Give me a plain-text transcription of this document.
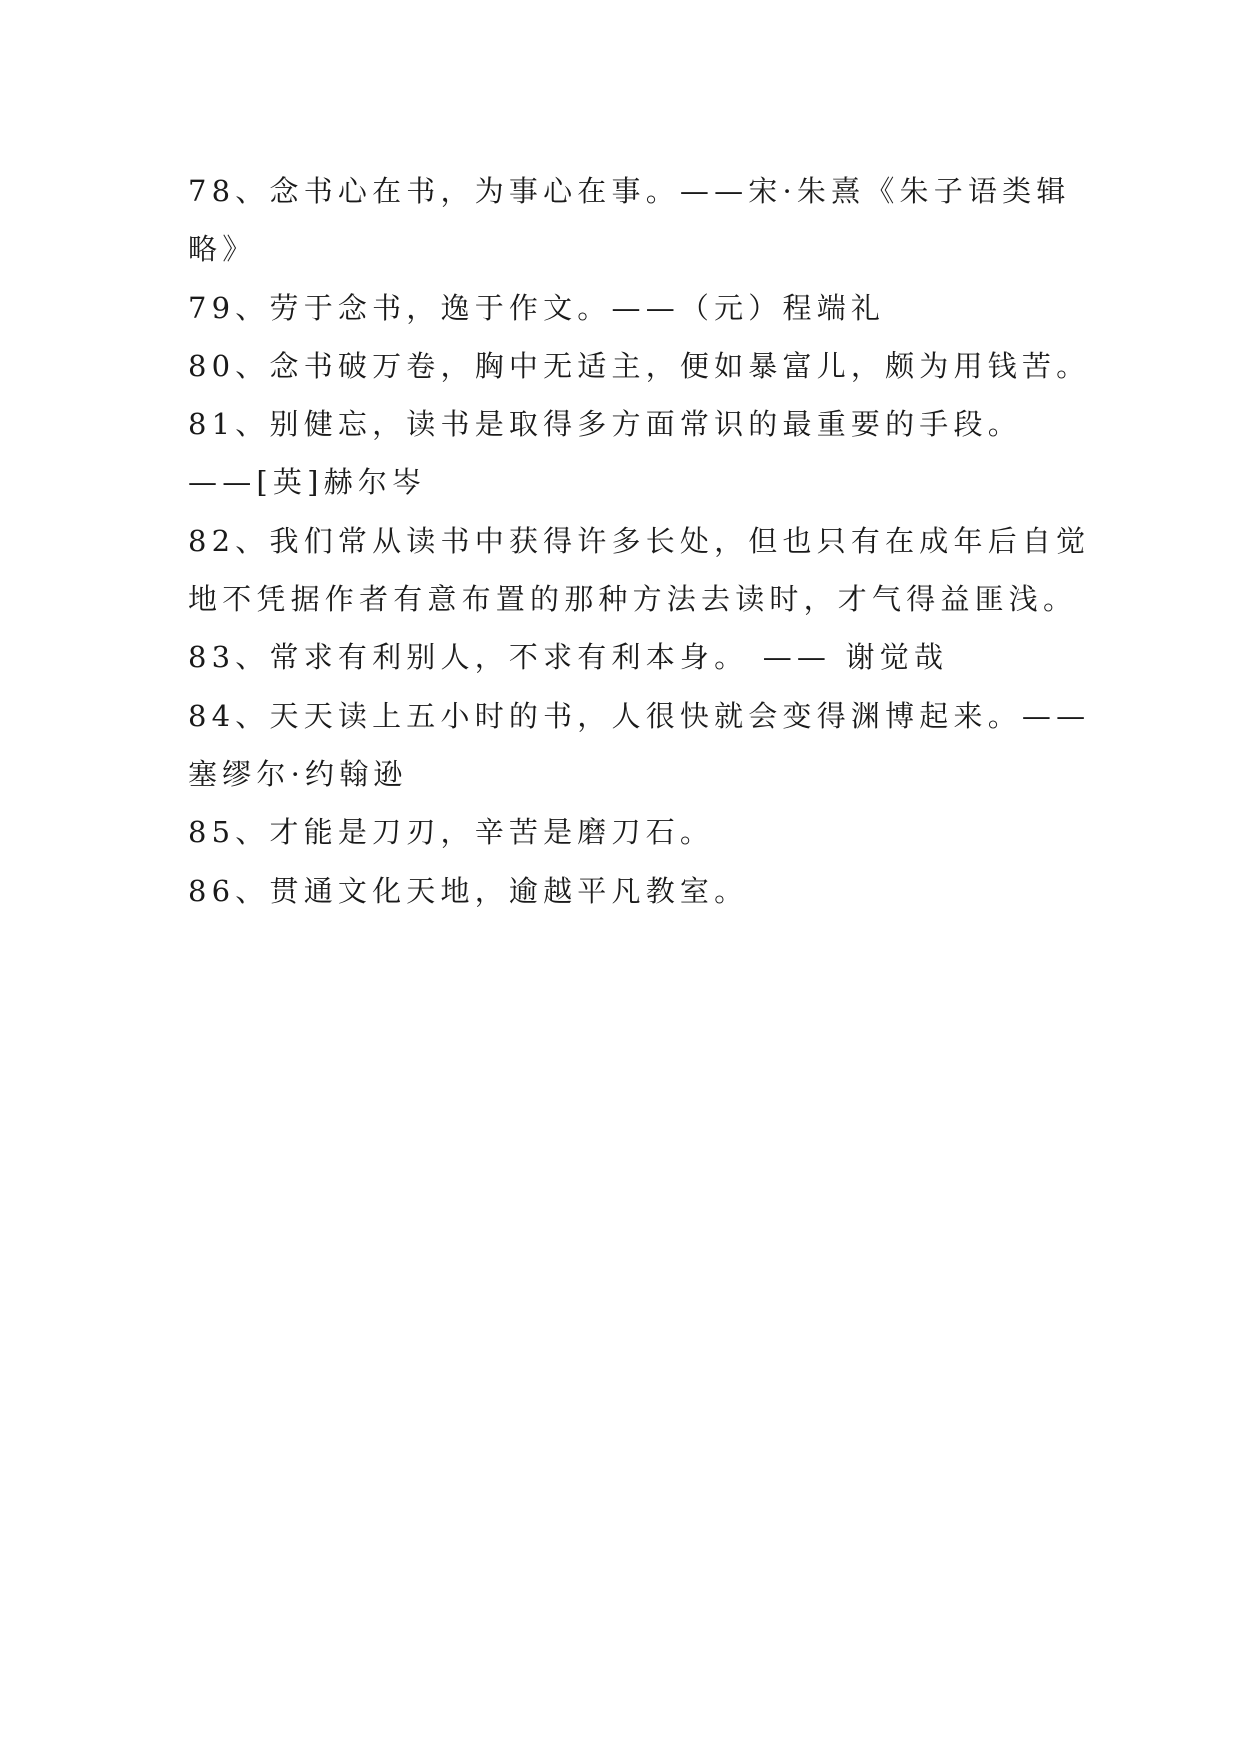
78、念书心在书，为事心在事。——宋·朱熹《朱子语类辑
略》
79、劳于念书，逸于作文。——（元）程端礼
80、念书破万卷，胸中无适主，便如暴富儿，颇为用钱苦。
81、别健忘，读书是取得多方面常识的最重要的手段。
——[英]赫尔岑
82、我们常从读书中获得许多长处，但也只有在成年后自觉
地不凭据作者有意布置的那种方法去读时，才气得益匪浅。
83、常求有利别人，不求有利本身。 —— 谢觉哉
84、天天读上五小时的书，人很快就会变得渊博起来。——
塞缪尔·约翰逊
85、才能是刀刃，辛苦是磨刀石。
86、贯通文化天地，逾越平凡教室。
